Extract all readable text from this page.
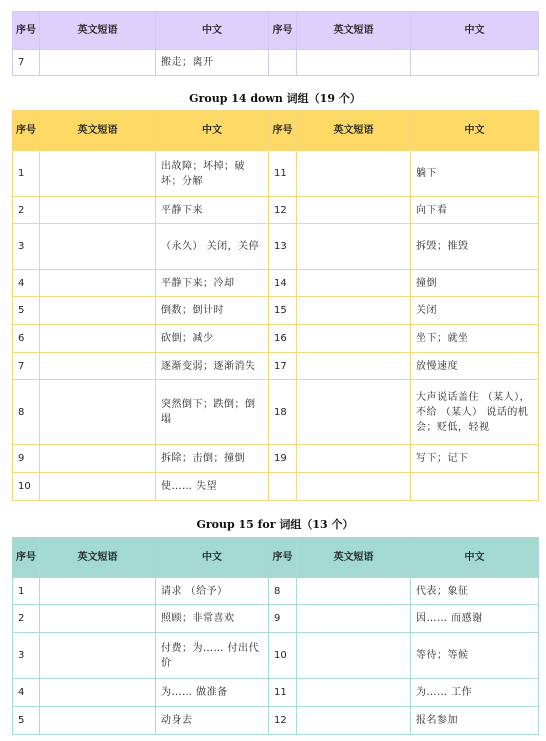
序号	英文短语	中文	序号	英文短语	中文
7		搬走；离开			
Group 14 down 词组（19 个）
序号	英文短语	中文	序号	英文短语	中文
1		出故障；坏掉；破坏；分解	11		躺下
2		平静下来	12		向下看
3		（永久） 关闭，关停	13		拆毁；推毁
4		平静下来；冷却	14		撞倒
5		倒数；倒计时	15		关闭
6		砍倒；减少	16		坐下；就坐
7		逐渐变弱；逐渐消失	17		放慢速度
8		突然倒下；跌倒；倒塌	18		大声说话盖住 （某人），不给 （某人） 说话的机会；贬低，轻视
9		拆除；击倒；撞倒	19		写下；记下
10		使…… 失望			
Group 15 for 词组（13 个）
序号	英文短语	中文	序号	英文短语	中文
1		请求 （给予）	8		代表；象征
2		照顾；非常喜欢	9		因…… 而感谢
3		付费；为…… 付出代价	10		等待；等候
4		为…… 做准备	11		为…… 工作
5		动身去	12		报名参加
